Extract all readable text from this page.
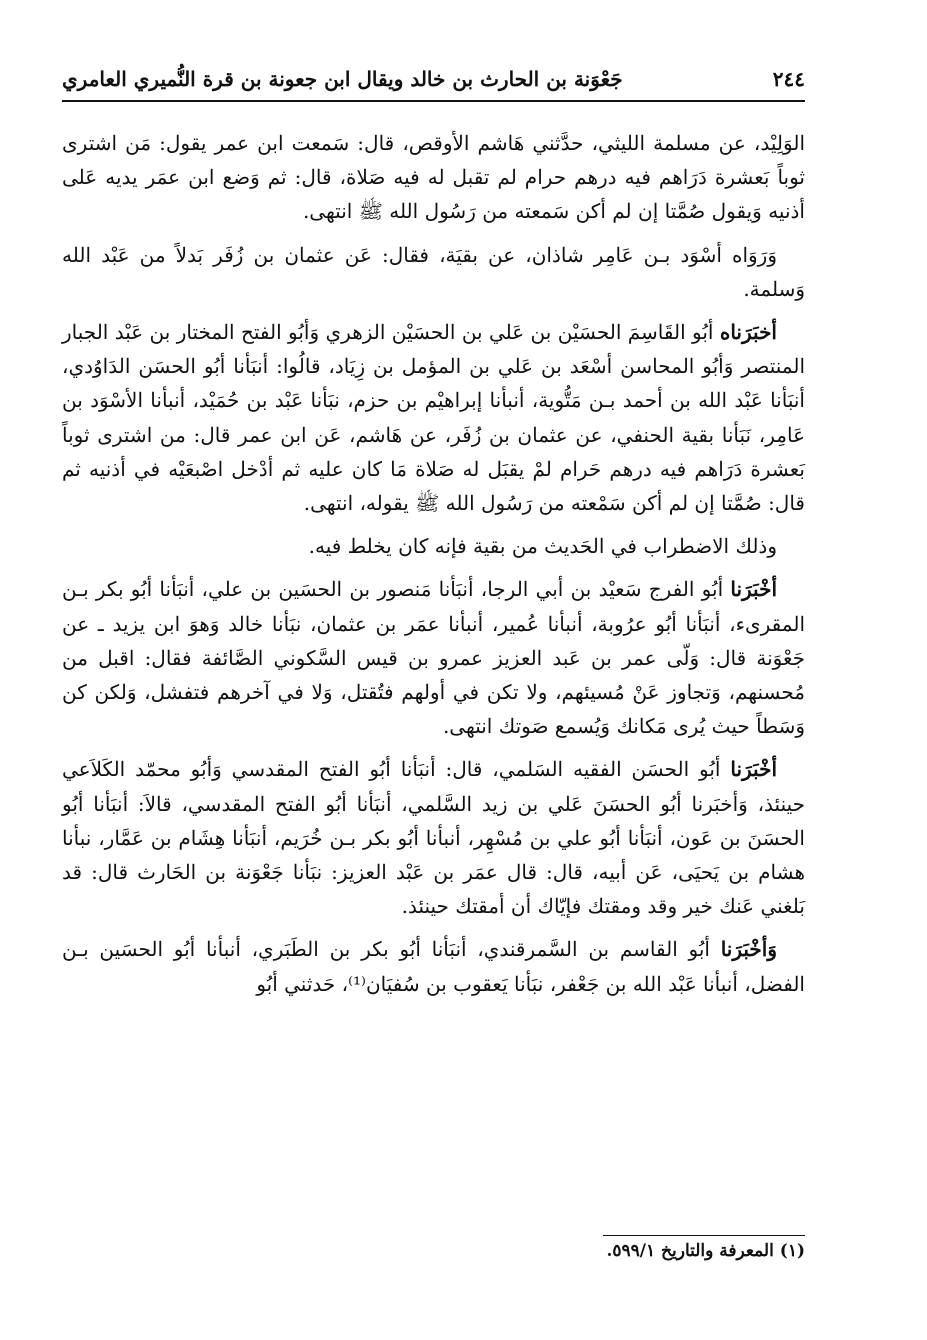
٢٤٤
جَعْوَنة بن الحارث بن خالد ويقال ابن جعونة بن قرة النُّميري العامري

الوَلِيْد، عن مسلمة الليثي، حدَّثني هَاشم الأوقص، قال: سَمعت ابن عمر يقول: مَن اشترى ثوباً بَعشرة دَرَاهم فيه درهم حرام لم تقبل له فيه صَلاة، قال: ثم وَضع ابن عمَر يديه عَلى أذنيه وَيقول صُمَّتا إن لم أكن سَمعته من رَسُول الله ﷺ انتهى.

وَرَوَاه أسْوَد بـن عَامِر شاذان، عن بقيَة، فقال: عَن عثمان بن زُفَر بَدلاً من عَبْد الله وَسلمة.

أخبَرَناه أبُو القَاسِمَ الحسَيْن بن عَلي بن الحسَيْن الزهري وَأبُو الفتح المختار بن عَبْد الجبار المنتصر وَأبُو المحاسن أسْعَد بن عَلي بن المؤمل بن زِيَاد، قالُوا: أنبَأنا أبُو الحسَن الدَاوُدي، أنبَأنا عَبْد الله بن أحمد بـن مَتُّوية، أنبأنا إبراهيْم بن حزم، نبَأنا عَبْد بن حُمَيْد، أنبأنا الأسْوَد بن عَامِر، نَبَأنا بقية الحنفي، عن عثمان بن زُفَر، عن هَاشم، عَن ابن عمر قال: من اشترى ثوباً بَعشرة دَرَاهم فيه درهم حَرام لمْ يقبَل له صَلاة مَا كان عليه ثم أدْخل اصْبعَيْه في أذنيه ثم قال: صُمَّتا إن لم أكن سَمْعته من رَسُول الله ﷺ يقوله، انتهى.

وذلك الاضطراب في الحَديث من بقية فإنه كان يخلط فيه.

أخْبَرَنا أبُو الفرج سَعيْد بن أبي الرجا، أنبَأنا مَنصور بن الحسَين بن علي، أنبَأنا أبُو بكر بـن المقرىء، أنبَأنا أبُو عرُوبة، أنبأنا عُمير، أنبأنا عمَر بن عثمان، نبَأنا خالد وَهوَ ابن يزيد ـ عن جَعْوَنة قال: وَلّى عمر بن عَبد العزيز عمرو بن قيس السَّكوني الصَّائفة فقال: اقبل من مُحسنهم، وَتجاوز عَنْ مُسيئهم، ولا تكن في أولهم فتُقتل، وَلا في آخرهم فتفشل، وَلكن كن وَسَطاً حيث يُرى مَكانك وَيُسمع صَوتك انتهى.

أخْبَرَنا أبُو الحسَن الفقيه السَلمي، قال: أنبَأنا أبُو الفتح المقدسي وَأبُو محمّد الكَلاَعي حينئذ، وَأخبَرنا أبُو الحسَنَ عَلي بن زيد السَّلمي، أنبَأنا أبُو الفتح المقدسي، قالاَ: أنبَأنا أبُو الحسَنَ بن عَون، أنبَأنا أبُو علي بن مُسْهِر، أنبأنا أبُو بكر بـن خُرَيم، أنبَأنا هِشَام بن عَمَّار، نبأنا هشام بن يَحيَى، عَن أبيه، قال: قال عمَر بن عَبْد العزيز: نبَأنا جَعْوَنة بن الحَارث قال: قد بَلغني عَنك خير وقد ومقتك فإيّاك أن أمقتك حينئذ.

وَأخْبَرَنا أبُو القاسم بن السَّمرقندي، أنبَأنا أبُو بكر بن الطَبَري، أنبأنا أبُو الحسَين بـن الفضل، أنبأنا عَبْد الله بن جَعْفر، نبَأنا يَعقوب بن سُفيَان⁽¹⁾، حَدثني أبُو

(١) المعرفة والتاريخ ٥٩٩/١.
